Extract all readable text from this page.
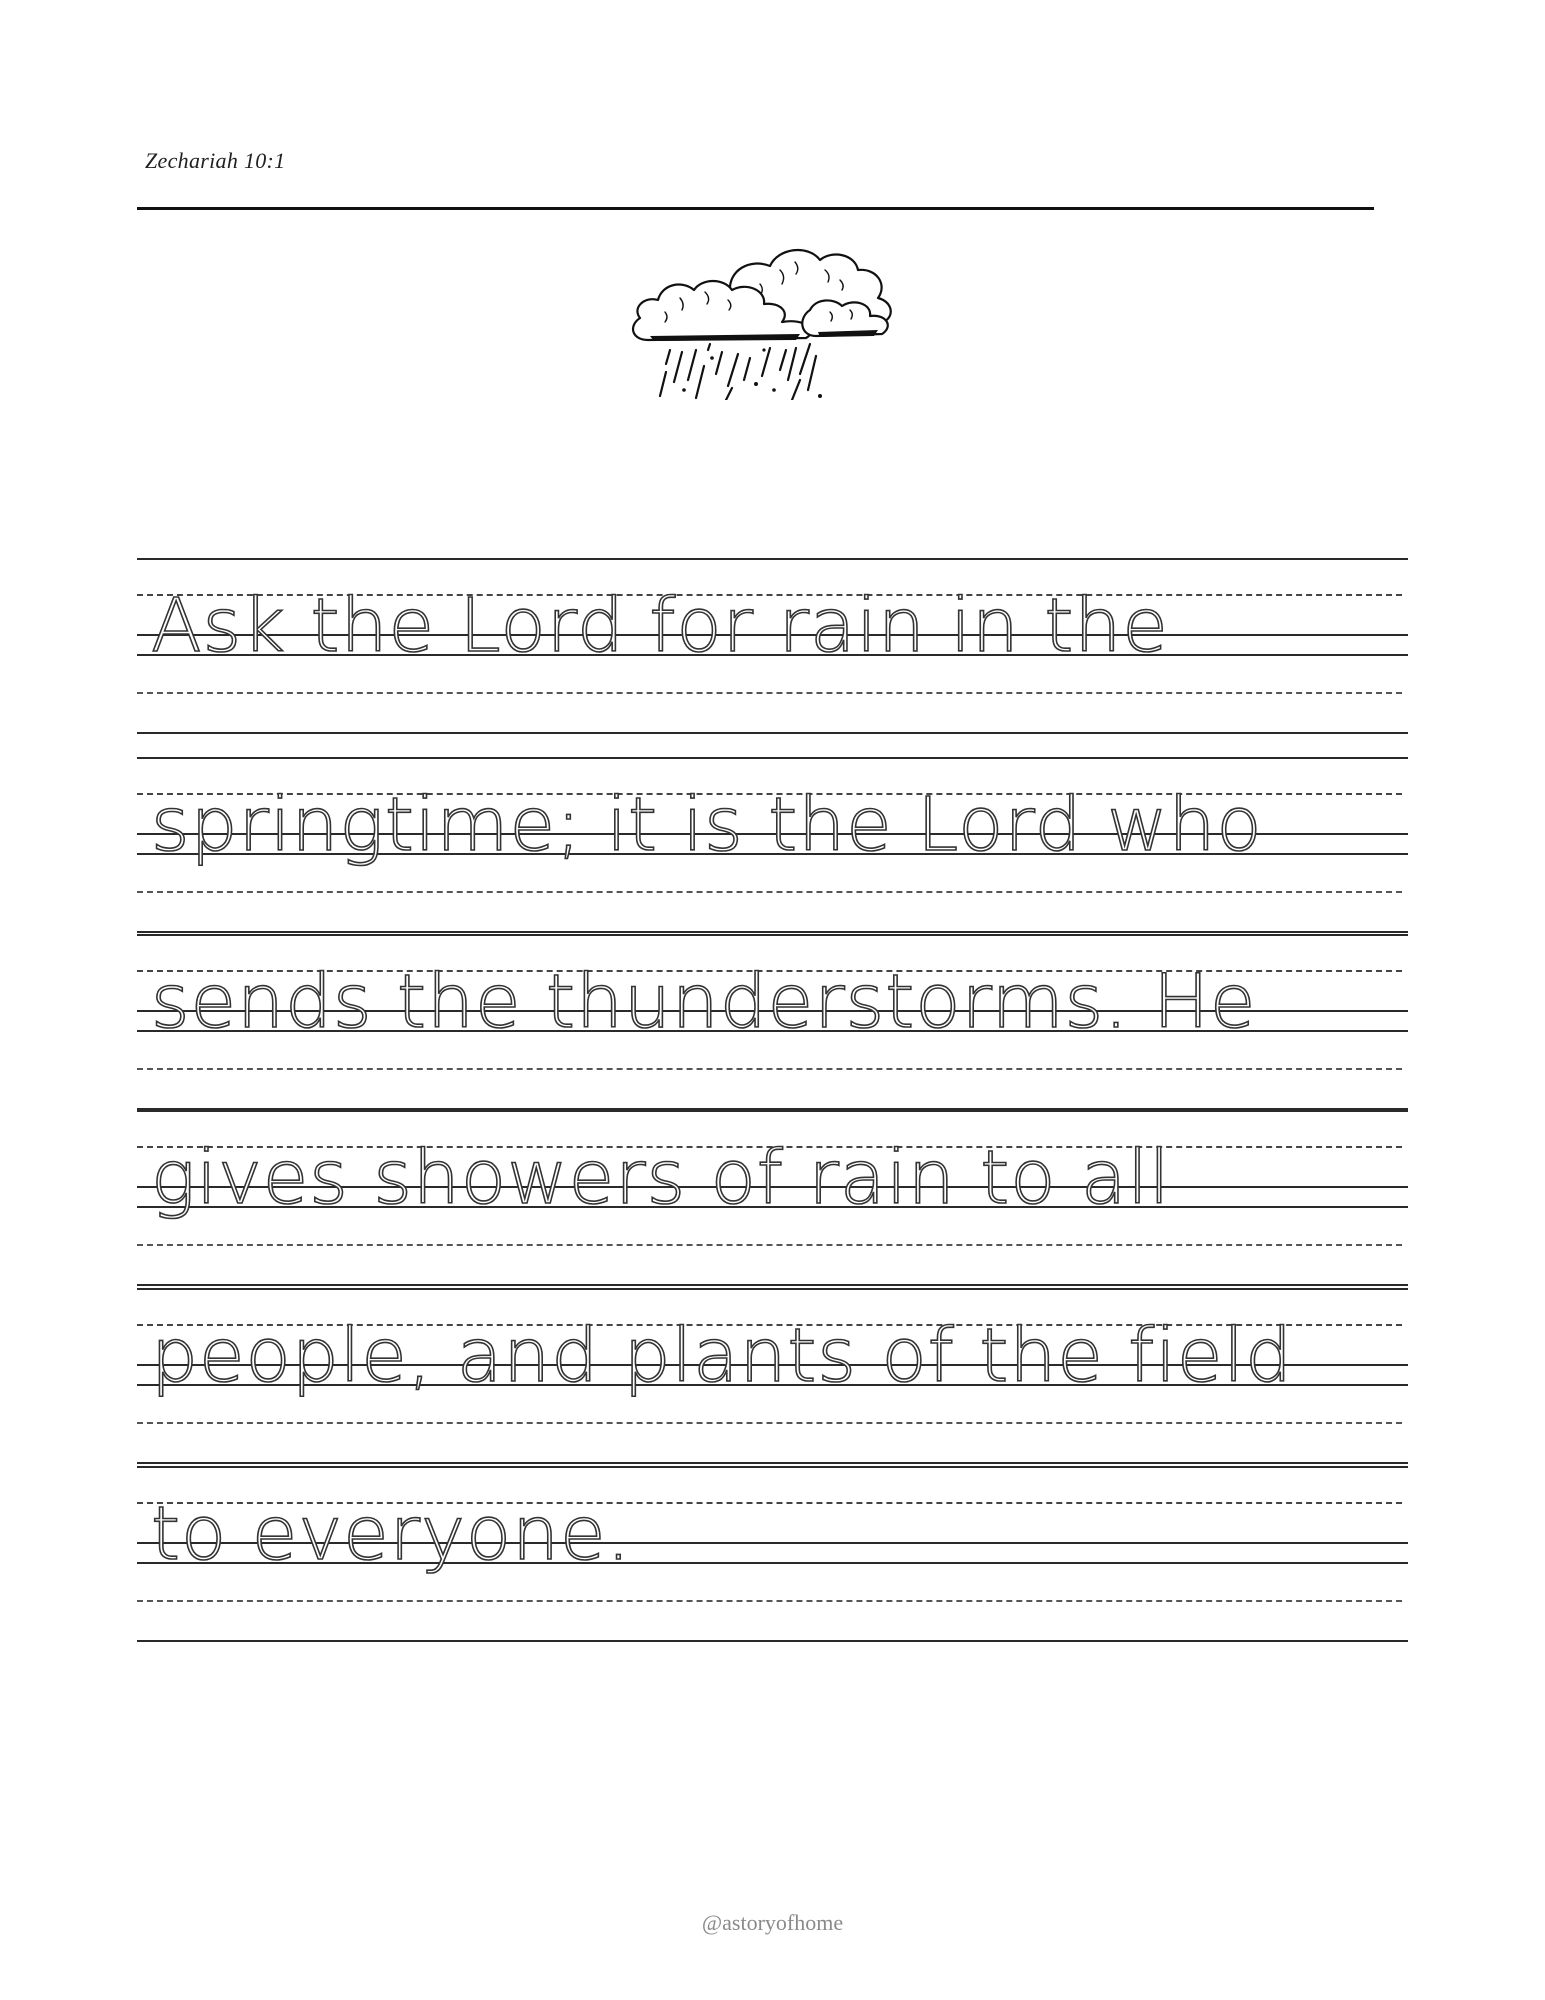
Zechariah 10:1
Ask the Lord for rain in the
springtime; it is the Lord who
sends the thunderstorms. He
gives showers of rain to all
people, and plants of the field
to everyone.
@astoryofhome
